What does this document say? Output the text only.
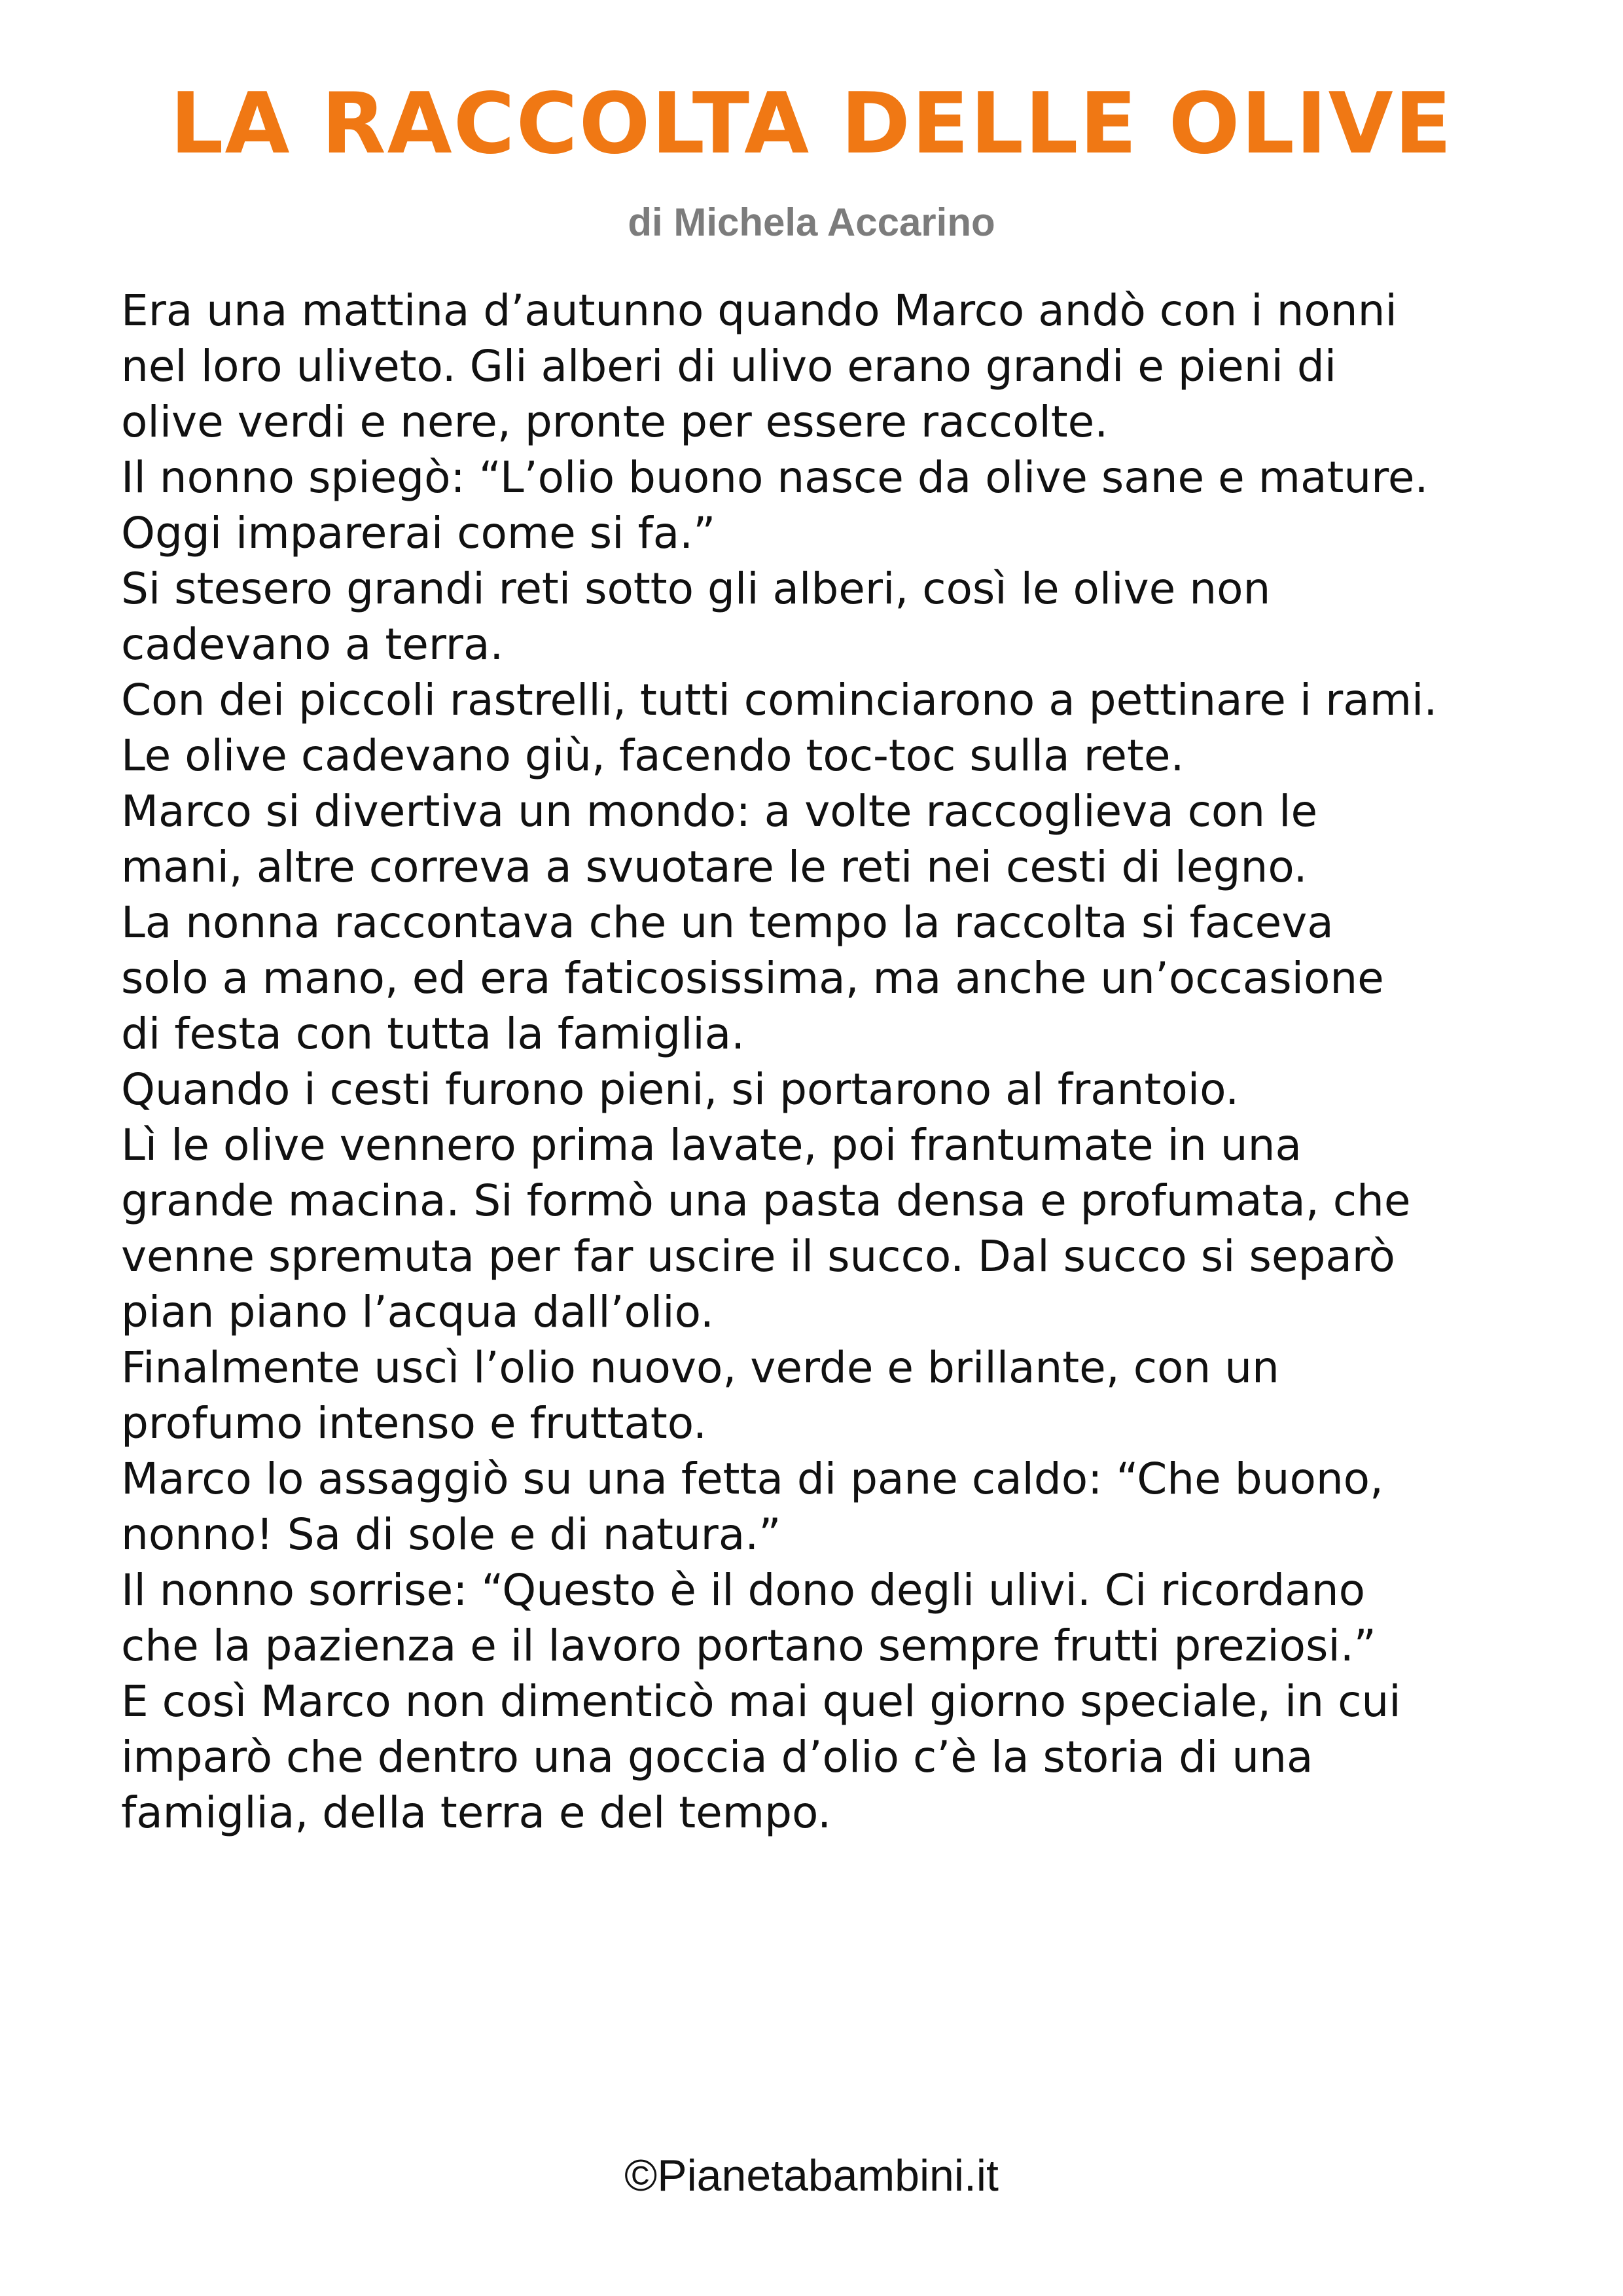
LA RACCOLTA DELLE OLIVE

di Michela Accarino

Era una mattina d’autunno quando Marco andò con i nonni
nel loro uliveto. Gli alberi di ulivo erano grandi e pieni di
olive verdi e nere, pronte per essere raccolte.
Il nonno spiegò: “L’olio buono nasce da olive sane e mature.
Oggi imparerai come si fa.”
Si stesero grandi reti sotto gli alberi, così le olive non
cadevano a terra.
Con dei piccoli rastrelli, tutti cominciarono a pettinare i rami.
Le olive cadevano giù, facendo toc-toc sulla rete.
Marco si divertiva un mondo: a volte raccoglieva con le
mani, altre correva a svuotare le reti nei cesti di legno.
La nonna raccontava che un tempo la raccolta si faceva
solo a mano, ed era faticosissima, ma anche un’occasione
di festa con tutta la famiglia.
Quando i cesti furono pieni, si portarono al frantoio.
Lì le olive vennero prima lavate, poi frantumate in una
grande macina. Si formò una pasta densa e profumata, che
venne spremuta per far uscire il succo. Dal succo si separò
pian piano l’acqua dall’olio.
Finalmente uscì l’olio nuovo, verde e brillante, con un
profumo intenso e fruttato.
Marco lo assaggiò su una fetta di pane caldo: “Che buono,
nonno! Sa di sole e di natura.”
Il nonno sorrise: “Questo è il dono degli ulivi. Ci ricordano
che la pazienza e il lavoro portano sempre frutti preziosi.”
E così Marco non dimenticò mai quel giorno speciale, in cui
imparò che dentro una goccia d’olio c’è la storia di una
famiglia, della terra e del tempo.

©Pianetabambini.it
